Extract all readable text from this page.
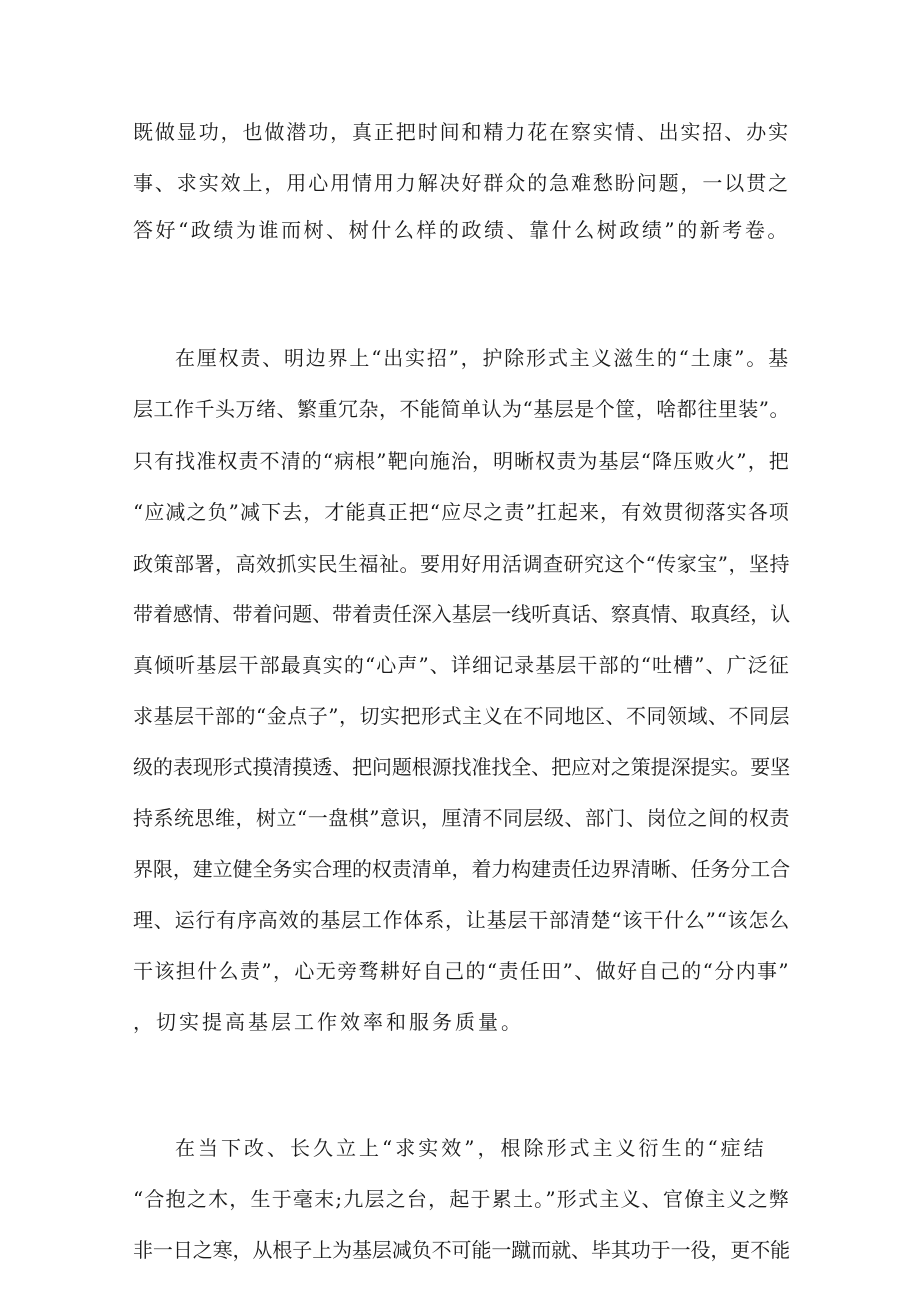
既做显功，也做潜功，真正把时间和精力花在察实情、出实招、办实
事、求实效上，用心用情用力解决好群众的急难愁盼问题，一以贯之
答好“政绩为谁而树、树什么样的政绩、靠什么树政绩”的新考卷。
在厘权责、明边界上“出实招”，护除形式主义滋生的“土康”。基
层工作千头万绪、繁重冗杂，不能简单认为“基层是个筐，啥都往里装”。
只有找准权责不清的“病根”靶向施治，明晰权责为基层“降压败火”，把
“应减之负”减下去，才能真正把“应尽之责”扛起来，有效贯彻落实各项
政策部署，高效抓实民生福祉。要用好用活调查研究这个“传家宝”，坚持
带着感情、带着问题、带着责任深入基层一线听真话、察真情、取真经，认
真倾听基层干部最真实的“心声”、详细记录基层干部的“吐槽”、广泛征
求基层干部的“金点子”，切实把形式主义在不同地区、不同领域、不同层
级的表现形式摸清摸透、把问题根源找准找全、把应对之策提深提实。要坚
持系统思维，树立“一盘棋”意识，厘清不同层级、部门、岗位之间的权责
界限，建立健全务实合理的权责清单，着力构建责任边界清晰、任务分工合
理、运行有序高效的基层工作体系，让基层干部清楚“该干什么”“该怎么
干该担什么责”，心无旁骛耕好自己的“责任田”、做好自己的“分内事”
，切实提高基层工作效率和服务质量。
在当下改、长久立上“求实效”，根除形式主义衍生的“症结
“合抱之木，生于毫末;九层之台，起于累土。”形式主义、官僚主义之弊
非一日之寒，从根子上为基层减负不可能一蹴而就、毕其功于一役，更不能
